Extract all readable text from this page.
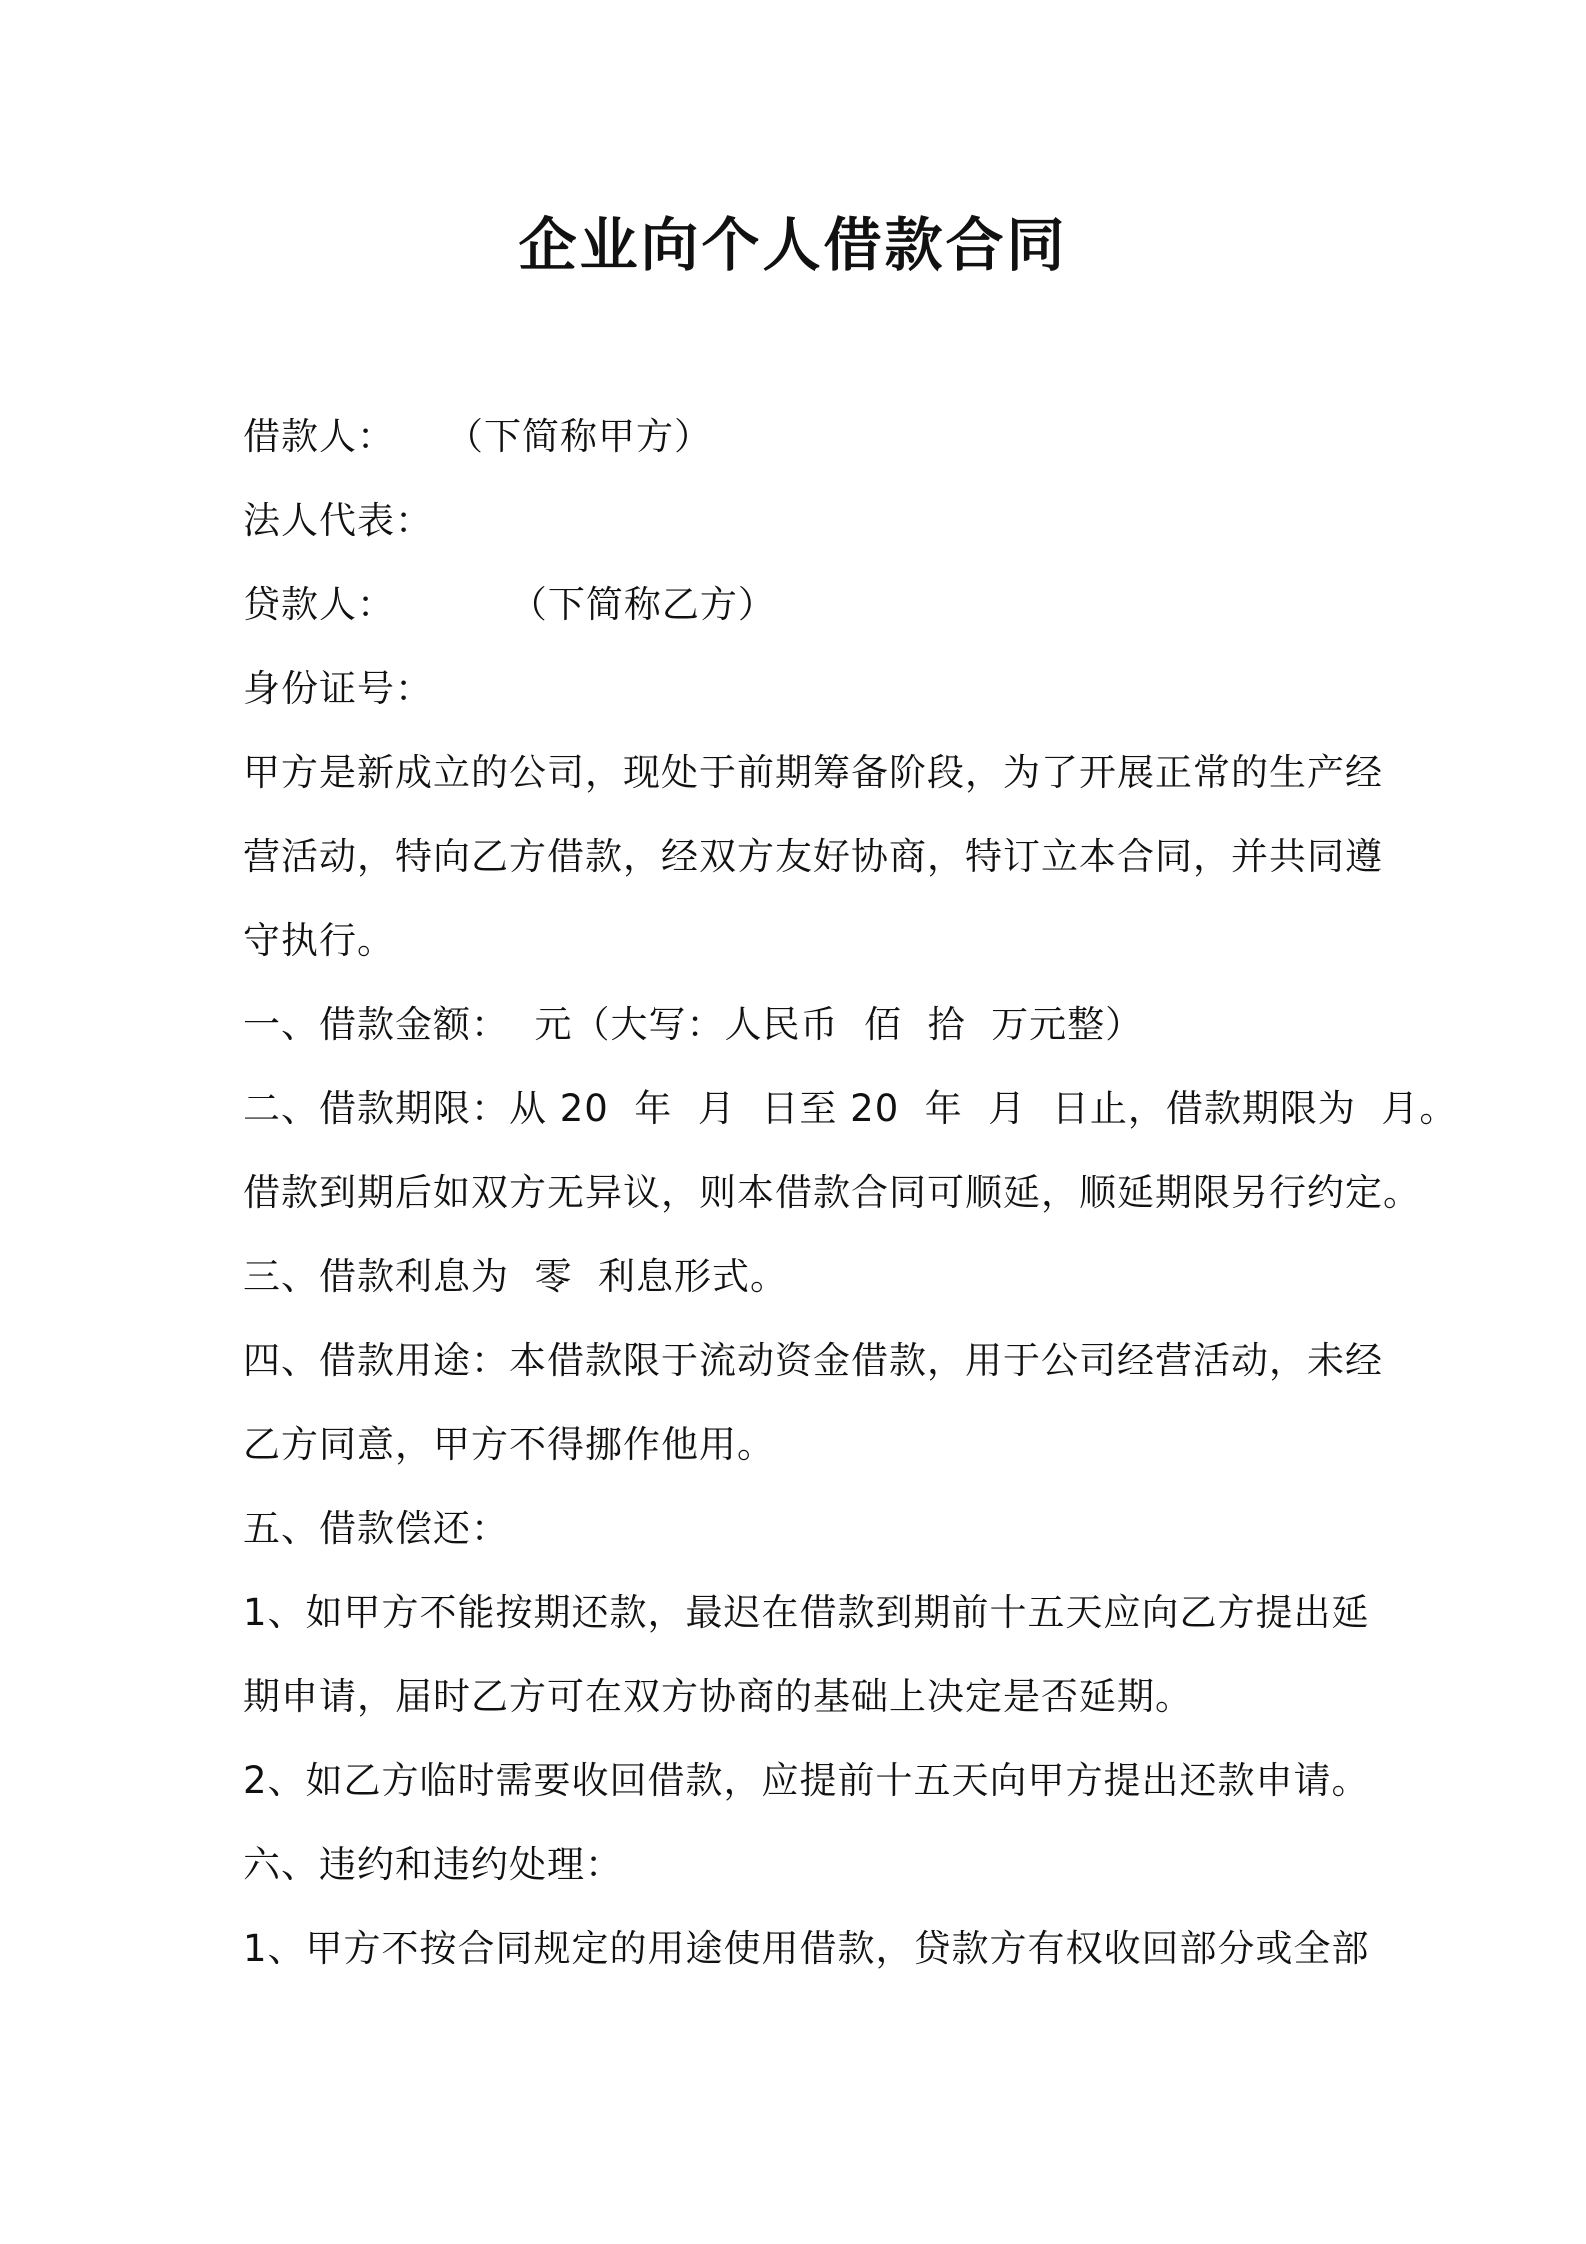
企业向个人借款合同
借款人：    （下简称甲方）
法人代表：
贷款人：         （下简称乙方）
身份证号：
甲方是新成立的公司，现处于前期筹备阶段，为了开展正常的生产经
营活动，特向乙方借款，经双方友好协商，特订立本合同，并共同遵
守执行。
一、借款金额：  元（大写：人民币  佰  拾  万元整）
二、借款期限：从 20  年  月  日至 20  年  月  日止，借款期限为  月。
借款到期后如双方无异议，则本借款合同可顺延，顺延期限另行约定。
三、借款利息为  零  利息形式。
四、借款用途：本借款限于流动资金借款，用于公司经营活动，未经
乙方同意，甲方不得挪作他用。
五、借款偿还：
1、如甲方不能按期还款，最迟在借款到期前十五天应向乙方提出延
期申请，届时乙方可在双方协商的基础上决定是否延期。
2、如乙方临时需要收回借款，应提前十五天向甲方提出还款申请。
六、违约和违约处理：
1、甲方不按合同规定的用途使用借款，贷款方有权收回部分或全部
